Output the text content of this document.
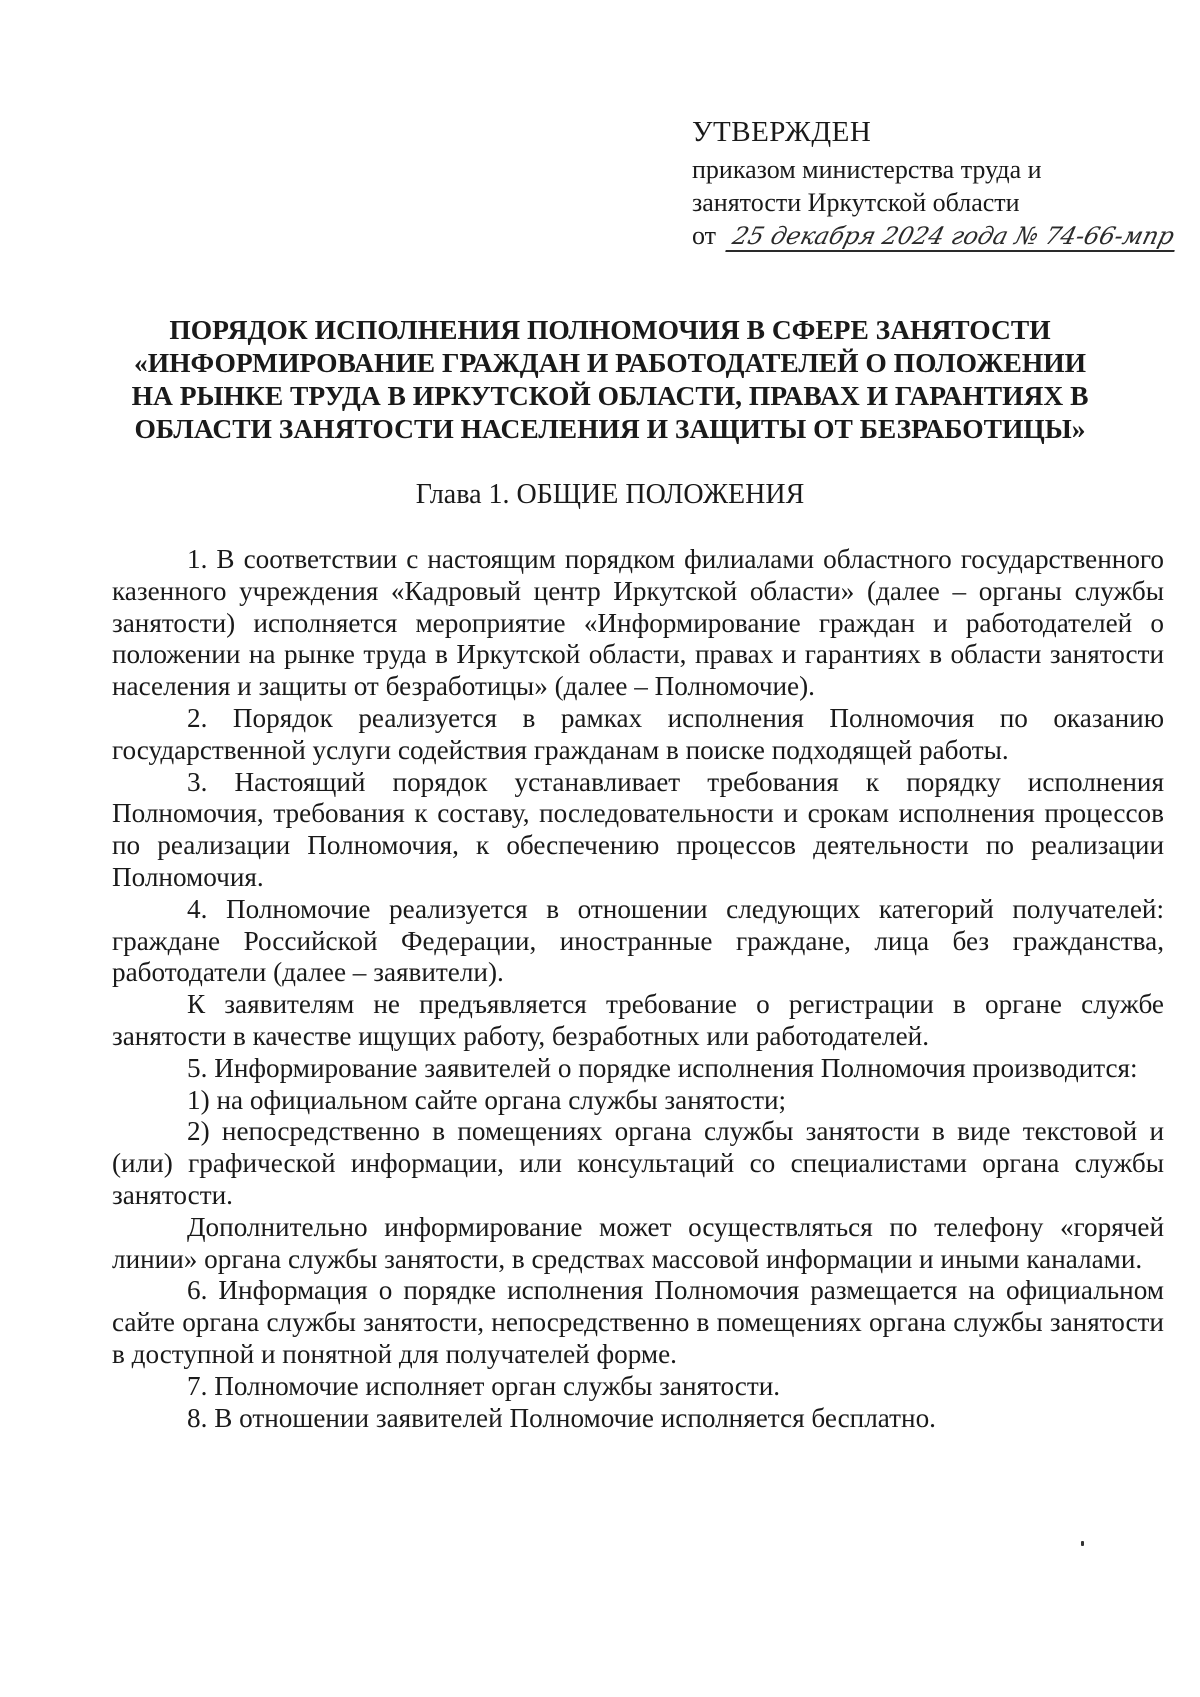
УТВЕРЖДЕН
приказом министерства труда и
занятости Иркутской области
от 25 декабря 2024 года № 74-66-мпр
ПОРЯДОК ИСПОЛНЕНИЯ ПОЛНОМОЧИЯ В СФЕРЕ ЗАНЯТОСТИ
«ИНФОРМИРОВАНИЕ ГРАЖДАН И РАБОТОДАТЕЛЕЙ О ПОЛОЖЕНИИ
НА РЫНКЕ ТРУДА В ИРКУТСКОЙ ОБЛАСТИ, ПРАВАХ И ГАРАНТИЯХ В
ОБЛАСТИ ЗАНЯТОСТИ НАСЕЛЕНИЯ И ЗАЩИТЫ ОТ БЕЗРАБОТИЦЫ»
Глава 1. ОБЩИЕ ПОЛОЖЕНИЯ

1. В соответствии с настоящим порядком филиалами областного государственного казенного учреждения «Кадровый центр Иркутской области» (далее – органы службы занятости) исполняется мероприятие «Информирование граждан и работодателей о положении на рынке труда в Иркутской области, правах и гарантиях в области занятости населения и защиты от безработицы» (далее – Полномочие).

2. Порядок реализуется в рамках исполнения Полномочия по оказанию государственной услуги содействия гражданам в поиске подходящей работы.

3. Настоящий порядок устанавливает требования к порядку исполнения Полномочия, требования к составу, последовательности и срокам исполнения процессов по реализации Полномочия, к обеспечению процессов деятельности по реализации Полномочия.

4. Полномочие реализуется в отношении следующих категорий получателей: граждане Российской Федерации, иностранные граждане, лица без гражданства, работодатели (далее – заявители).

К заявителям не предъявляется требование о регистрации в органе службе занятости в качестве ищущих работу, безработных или работодателей.

5. Информирование заявителей о порядке исполнения Полномочия производится:

1) на официальном сайте органа службы занятости;

2) непосредственно в помещениях органа службы занятости в виде текстовой и (или) графической информации, или консультаций со специалистами органа службы занятости.

Дополнительно информирование может осуществляться по телефону «горячей линии» органа службы занятости, в средствах массовой информации и иными каналами.

6. Информация о порядке исполнения Полномочия размещается на официальном сайте органа службы занятости, непосредственно в помещениях органа службы занятости в доступной и понятной для получателей форме.

7. Полномочие исполняет орган службы занятости.

8. В отношении заявителей Полномочие исполняется бесплатно.
